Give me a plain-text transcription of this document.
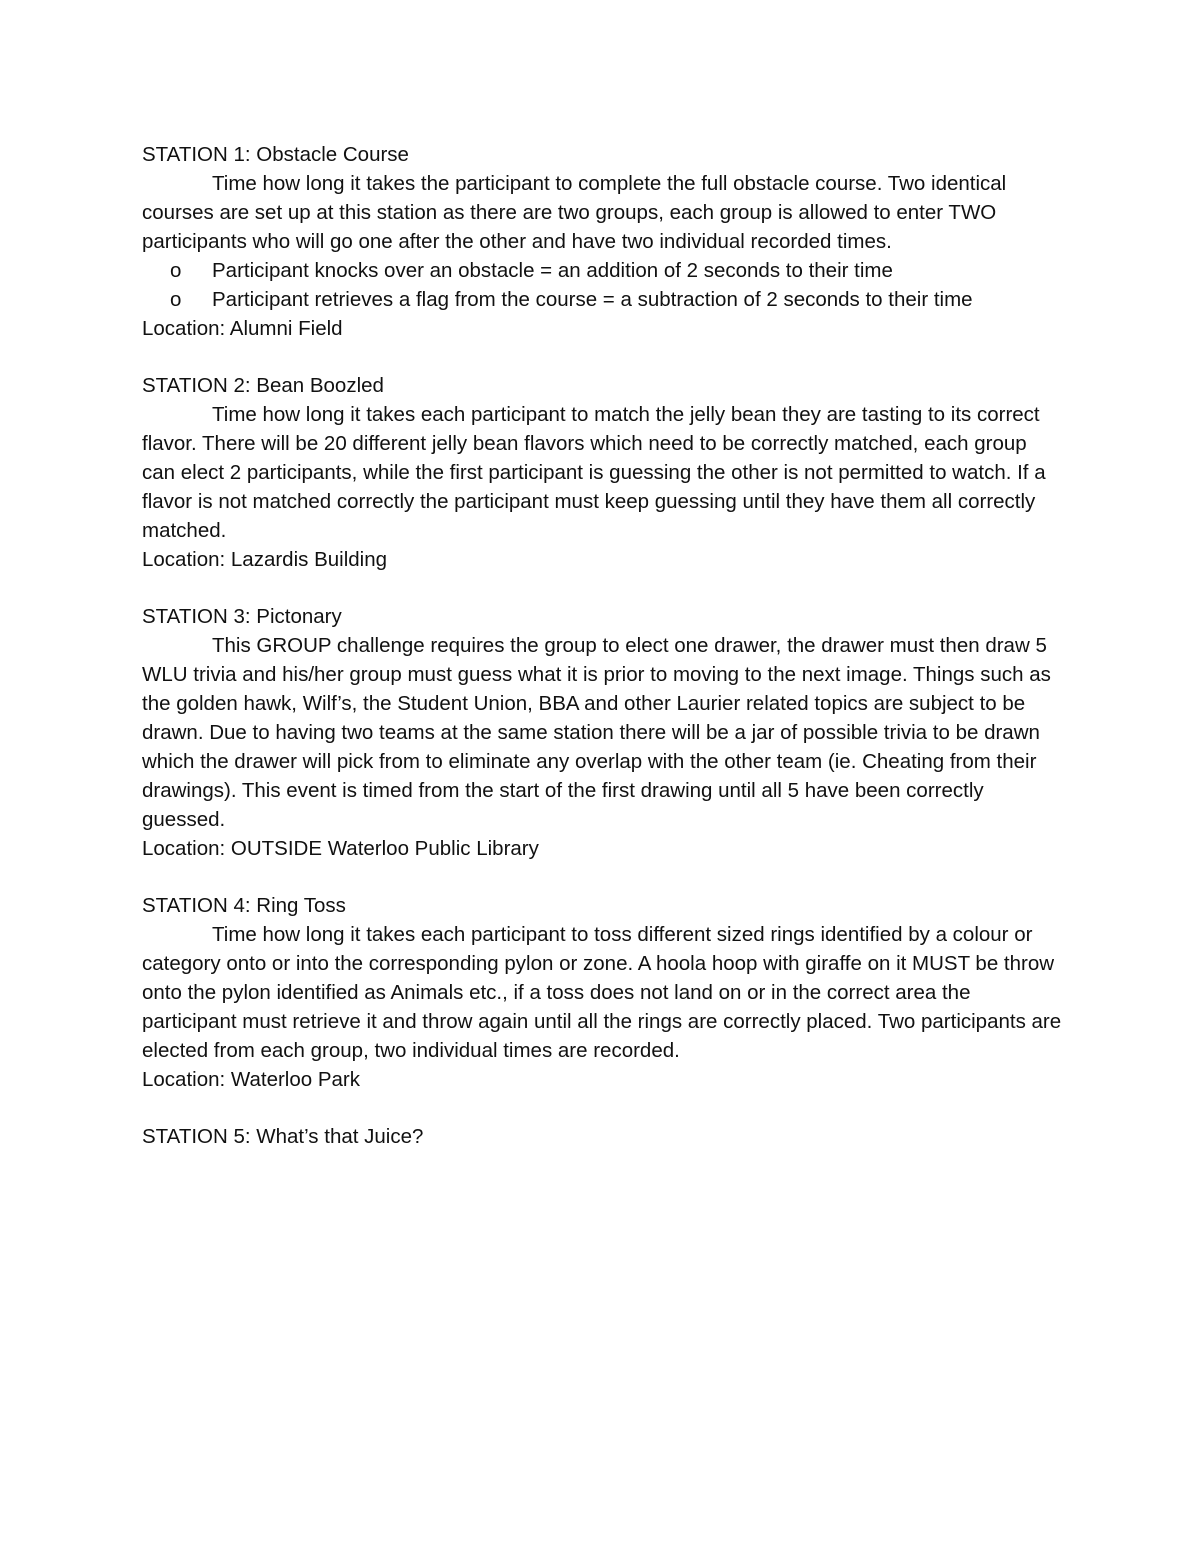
STATION 1: Obstacle Course

Time how long it takes the participant to complete the full obstacle course. Two identical courses are set up at this station as there are two groups, each group is allowed to enter TWO participants who will go one after the other and have two individual recorded times.

o Participant knocks over an obstacle = an addition of 2 seconds to their time
o Participant retrieves a flag from the course = a subtraction of 2 seconds to their time

Location: Alumni Field

STATION 2: Bean Boozled

Time how long it takes each participant to match the jelly bean they are tasting to its correct flavor. There will be 20 different jelly bean flavors which need to be correctly matched, each group can elect 2 participants, while the first participant is guessing the other is not permitted to watch. If a flavor is not matched correctly the participant must keep guessing until they have them all correctly matched.

Location: Lazardis Building

STATION 3: Pictonary

This GROUP challenge requires the group to elect one drawer, the drawer must then draw 5 WLU trivia and his/her group must guess what it is prior to moving to the next image. Things such as the golden hawk, Wilf’s, the Student Union, BBA and other Laurier related topics are subject to be drawn. Due to having two teams at the same station there will be a jar of possible trivia to be drawn which the drawer will pick from to eliminate any overlap with the other team (ie. Cheating from their drawings). This event is timed from the start of the first drawing until all 5 have been correctly guessed.

Location: OUTSIDE Waterloo Public Library

STATION 4: Ring Toss

Time how long it takes each participant to toss different sized rings identified by a colour or category onto or into the corresponding pylon or zone. A hoola hoop with giraffe on it MUST be throw onto the pylon identified as Animals etc., if a toss does not land on or in the correct area the participant must retrieve it and throw again until all the rings are correctly placed. Two participants are elected from each group, two individual times are recorded.

Location: Waterloo Park

STATION 5: What’s that Juice?
